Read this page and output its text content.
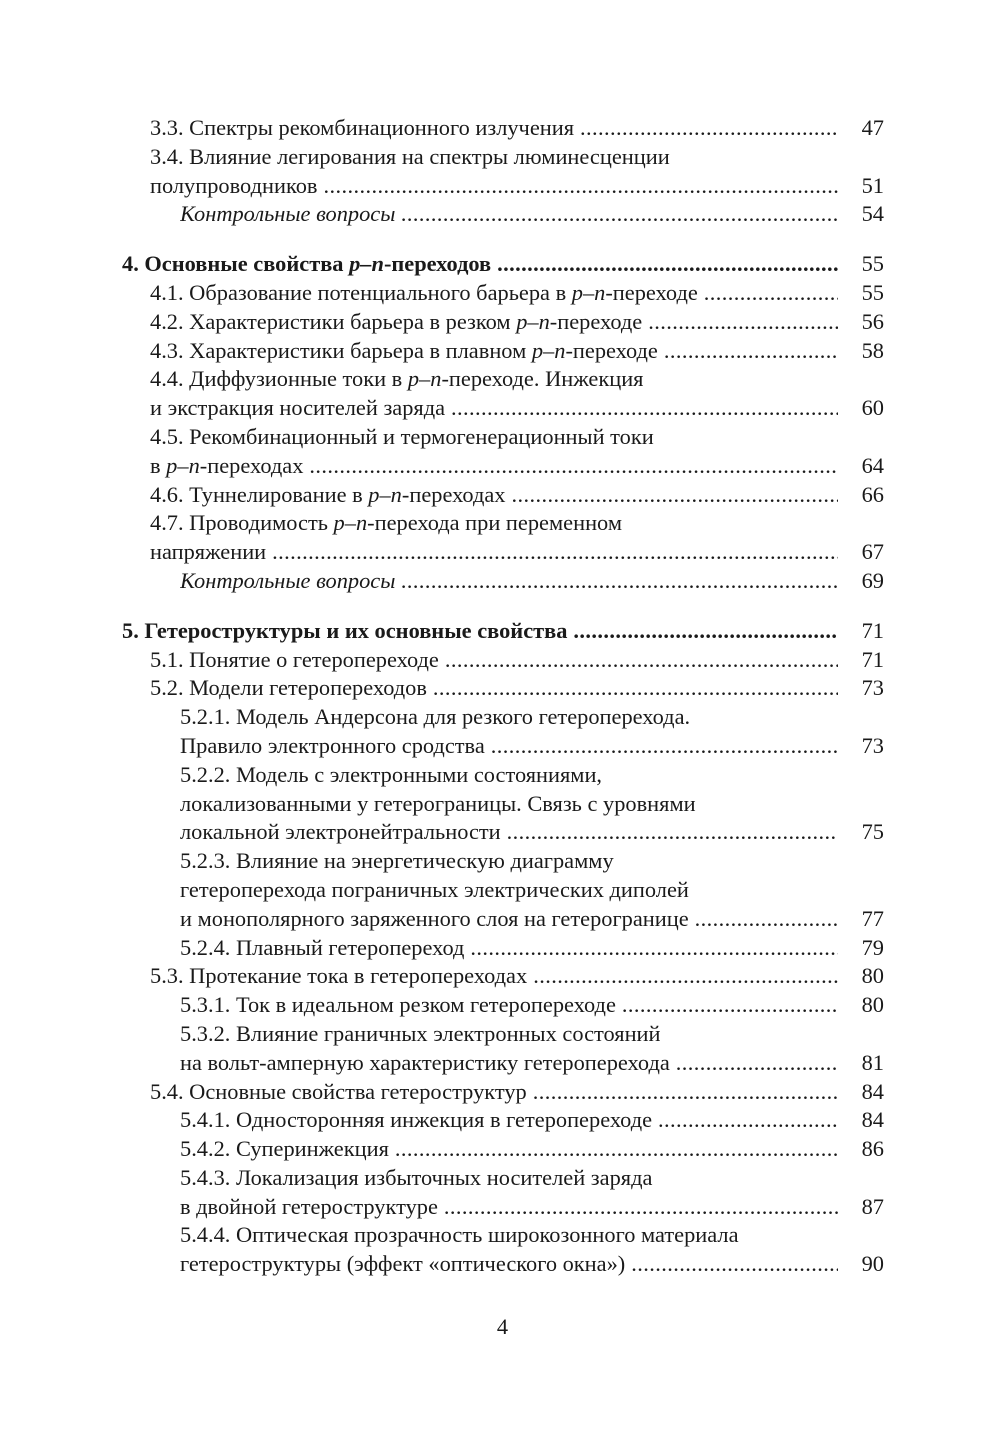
3.3. Спектры рекомбинационного излучения .....	47
3.4. Влияние легирования на спектры люминесценции
полупроводников .....	51
Контрольные вопросы .....	54
4. Основные свойства p–n-переходов .....	55
4.1. Образование потенциального барьера в p–n-переходе .....	55
4.2. Характеристики барьера в резком p–n-переходе .....	56
4.3. Характеристики барьера в плавном p–n-переходе .....	58
4.4. Диффузионные токи в p–n-переходе. Инжекция
и экстракция носителей заряда .....	60
4.5. Рекомбинационный и термогенерационный токи
в p–n-переходах .....	64
4.6. Туннелирование в p–n-переходах .....	66
4.7. Проводимость p–n-перехода при переменном
напряжении .....	67
Контрольные вопросы .....	69
5. Гетероструктуры и их основные свойства .....	71
5.1. Понятие о гетеропереходе .....	71
5.2. Модели гетеропереходов .....	73
5.2.1. Модель Андерсона для резкого гетероперехода.
Правило электронного сродства .....	73
5.2.2. Модель с электронными состояниями,
локализованными у гетерограницы. Связь с уровнями
локальной электронейтральности .....	75
5.2.3. Влияние на энергетическую диаграмму
гетероперехода пограничных электрических диполей
и монополярного заряженного слоя на гетерогранице .....	77
5.2.4. Плавный гетеропереход .....	79
5.3. Протекание тока в гетеропереходах .....	80
5.3.1. Ток в идеальном резком гетеропереходе .....	80
5.3.2. Влияние граничных электронных состояний
на вольт-амперную характеристику гетероперехода .....	81
5.4. Основные свойства гетероструктур .....	84
5.4.1. Односторонняя инжекция в гетеропереходе .....	84
5.4.2. Суперинжекция .....	86
5.4.3. Локализация избыточных носителей заряда
в двойной гетероструктуре .....	87
5.4.4. Оптическая прозрачность широкозонного материала
гетероструктуры (эффект «оптического окна») .....	90
4
